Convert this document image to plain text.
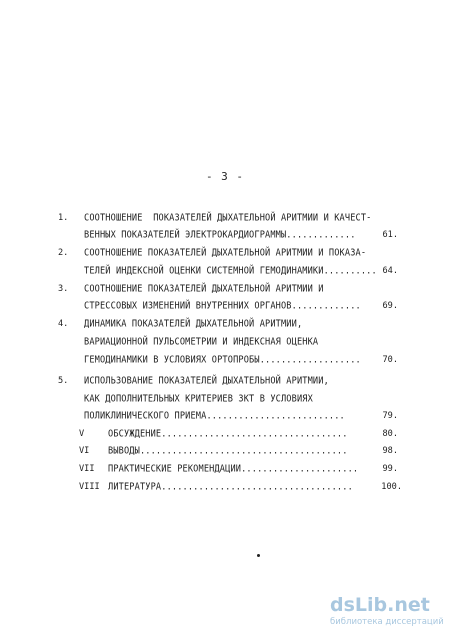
- 3 -
1. СООТНОШЕНИЕ  ПОКАЗАТЕЛЕЙ ДЫХАТЕЛЬНОЙ АРИТМИИ И КАЧЕСТ-
ВЕННЫХ ПОКАЗАТЕЛЕЙ ЭЛЕКТРОКАРДИОГРАММЫ.............	61.
2. СООТНОШЕНИЕ ПОКАЗАТЕЛЕЙ ДЫХАТЕЛЬНОЙ АРИТМИИ И ПОКАЗА-
ТЕЛЕЙ ИНДЕКСНОЙ ОЦЕНКИ СИСТЕМНОЙ ГЕМОДИНАМИКИ.......... 64.
3. СООТНОШЕНИЕ ПОКАЗАТЕЛЕЙ ДЫХАТЕЛЬНОЙ АРИТМИИ И
СТРЕССОВЫХ ИЗМЕНЕНИЙ ВНУТРЕННИХ ОРГАНОВ.............	69.
4. ДИНАМИКА ПОКАЗАТЕЛЕЙ ДЫХАТЕЛЬНОЙ АРИТМИИ,
ВАРИАЦИОННОЙ ПУЛЬСОМЕТРИИ И ИНДЕКСНАЯ ОЦЕНКА
ГЕМОДИНАМИКИ В УСЛОВИЯХ ОРТОПРОБЫ...................	70.
5. ИСПОЛЬЗОВАНИЕ ПОКАЗАТЕЛЕЙ ДЫХАТЕЛЬНОЙ АРИТМИИ,
КАК ДОПОЛНИТЕЛЬНЫХ КРИТЕРИЕВ ЗКТ В УСЛОВИЯХ
ПОЛИКЛИНИЧЕСКОГО ПРИЕМА..........................	79.
V	ОБСУЖДЕНИЕ...................................	80.
VI ВЫВОДЫ.......................................	98.
VII ПРАКТИЧЕСКИЕ РЕКОМЕНДАЦИИ......................	99.
VIII ЛИТЕРАТУРА....................................	100.
dsLib.net
библиотека диссертаций
